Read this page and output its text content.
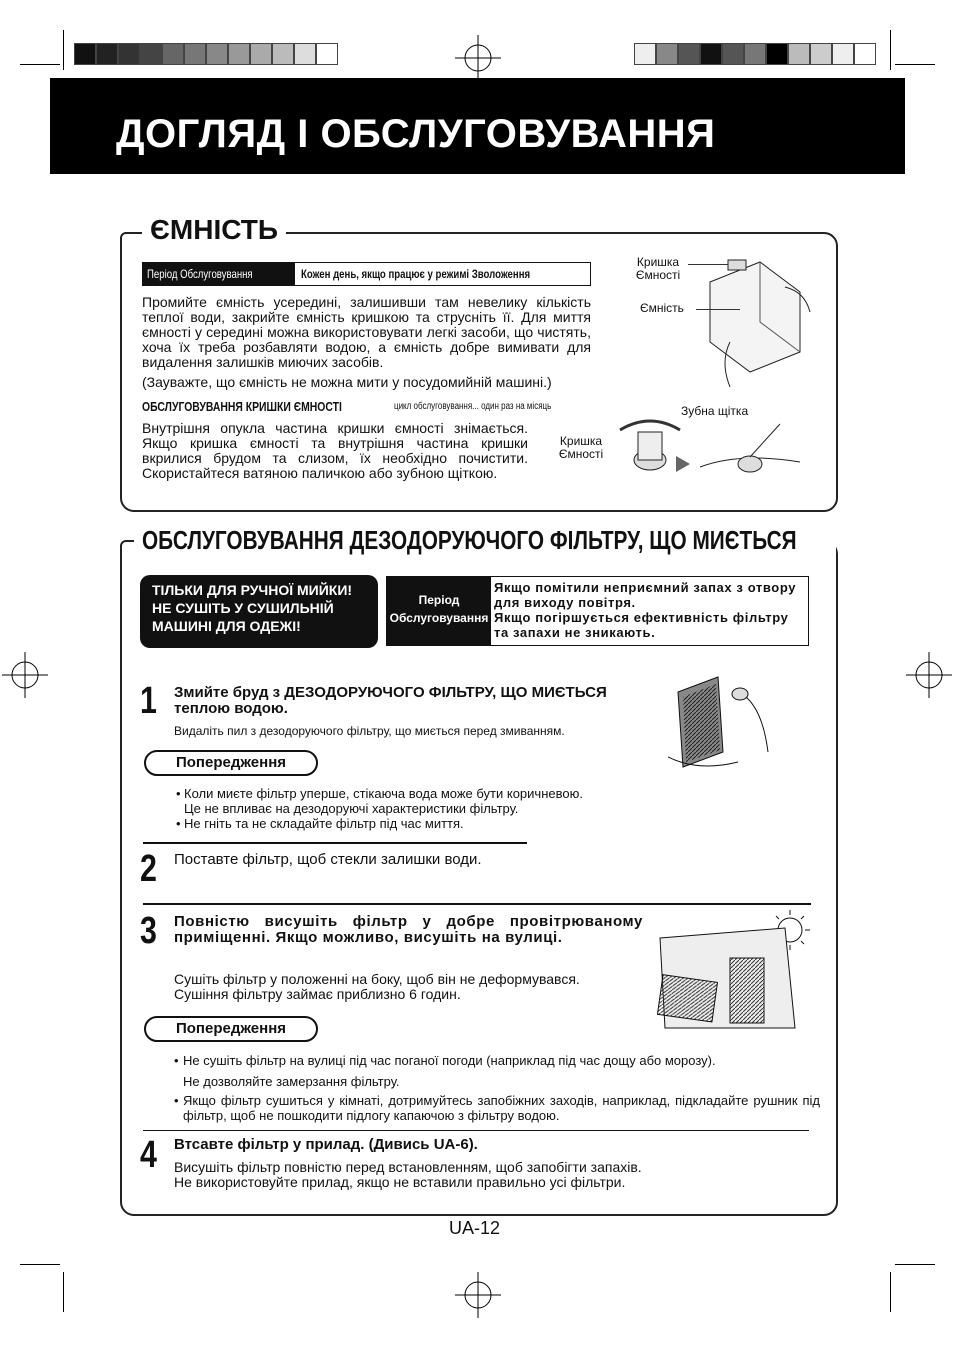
ДОГЛЯД І ОБСЛУГОВУВАННЯ
ЄМНІСТЬ
Період Обслуговування	Кожен день, якщо працює у режимі Зволоження

Промийте ємність усередині, залишивши там невелику кількість теплої води, закрийте ємність кришкою та струсніть її. Для миття ємності у середині можна використовувати легкі засоби, що чистять, хоча їх треба розбавляти водою, а ємність добре вимивати для видалення залишків миючих засобів.

(Зауважте, що ємність не можна мити у посудомийній машині.)

ОБСЛУГОВУВАННЯ КРИШКИ ЄМНОСТІ	цикл обслуговування... один раз на місяць

Внутрішня опукла частина кришки ємності знімається. Якщо кришка ємності та внутрішня частина кришки вкрилися брудом та слизом, їх необхідно почистити. Скористайтеся ватяною паличкою або зубною щіткою.

Кришка
Ємності
Ємність
Зубна щітка
Кришка
Ємності
ОБСЛУГОВУВАННЯ ДЕЗОДОРУЮЧОГО ФІЛЬТРУ, ЩО МИЄТЬСЯ
ТІЛЬКИ ДЛЯ РУЧНОЇ МИЙКИ!
НЕ СУШІТЬ У СУШИЛЬНІЙ
МАШИНІ ДЛЯ ОДЕЖІ!
Період
Обслуговування
Якщо помітили неприємний запах з отвору для виходу повітря.
Якщо погіршується ефективність фільтру та запахи не зникають.
1 Змийте бруд з ДЕЗОДОРУЮЧОГО ФІЛЬТРУ, ЩО МИЄТЬСЯ теплою водою.

Видаліть пил з дезодоруючого фільтру, що миється перед змиванням.

Попередження
• Коли миєте фільтр уперше, стікаюча вода може бути коричневою.
Це не впливає на дезодоруючі характеристики фільтру.
• Не гніть та не складайте фільтр під час миття.
2 Поставте фільтр, щоб стекли залишки води.

3 Повністю висушіть фільтр у добре провітрюваному приміщенні. Якщо можливо, висушіть на вулиці.

Сушіть фільтр у положенні на боку, щоб він не деформувався.
Сушіння фільтру займає приблизно 6 годин.

Попередження
• Не сушіть фільтр на вулиці під час поганої погоди (наприклад під час дощу або морозу).
Не дозволяйте замерзання фільтру.
• Якщо фільтр сушиться у кімнаті, дотримуйтесь запобіжних заходів, наприклад, підкладайте рушник під фільтр, щоб не пошкодити підлогу капаючою з фільтру водою.
4 Втсавте фільтр у прилад. (Дивись UA-6).

Висушіть фільтр повністю перед встановленням, щоб запобігти запахів.
Не використовуйте прилад, якщо не вставили правильно усі фільтри.

UA-12
